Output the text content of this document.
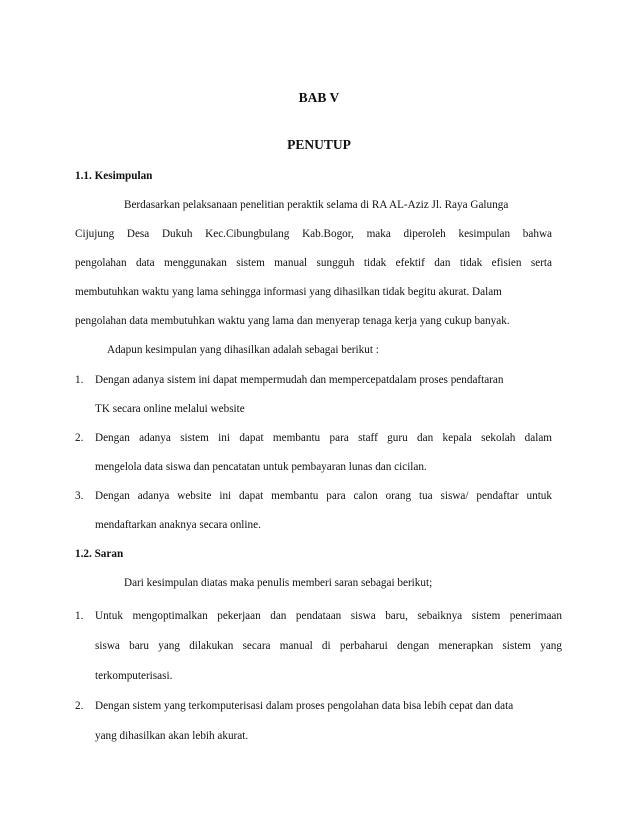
BAB V
PENUTUP
1.1. Kesimpulan
Berdasarkan pelaksanaan penelitian peraktik selama di RA AL-Aziz Jl. Raya Galunga
Cijujung Desa Dukuh Kec.Cibungbulang Kab.Bogor, maka diperoleh kesimpulan bahwa
pengolahan data menggunakan sistem manual sungguh tidak efektif dan tidak efisien serta
membutuhkan waktu yang lama sehingga informasi yang dihasilkan tidak begitu akurat. Dalam
pengolahan data membutuhkan waktu yang lama dan menyerap tenaga kerja yang cukup banyak.
Adapun kesimpulan yang dihasilkan adalah sebagai berikut :
1. Dengan adanya sistem ini dapat mempermudah dan mempercepatdalam proses pendaftaran
TK secara online melalui website
2. Dengan adanya sistem ini dapat membantu para staff guru dan kepala sekolah dalam
mengelola data siswa dan pencatatan untuk pembayaran lunas dan cicilan.
3. Dengan adanya website ini dapat membantu para calon orang tua siswa/ pendaftar untuk
mendaftarkan anaknya secara online.
1.2. Saran
Dari kesimpulan diatas maka penulis memberi saran sebagai berikut;
1. Untuk mengoptimalkan pekerjaan dan pendataan siswa baru, sebaiknya sistem penerimaan
siswa baru yang dilakukan secara manual di perbaharui dengan menerapkan sistem yang
terkomputerisasi.
2. Dengan sistem yang terkomputerisasi dalam proses pengolahan data bisa lebih cepat dan data
yang dihasilkan akan lebih akurat.
